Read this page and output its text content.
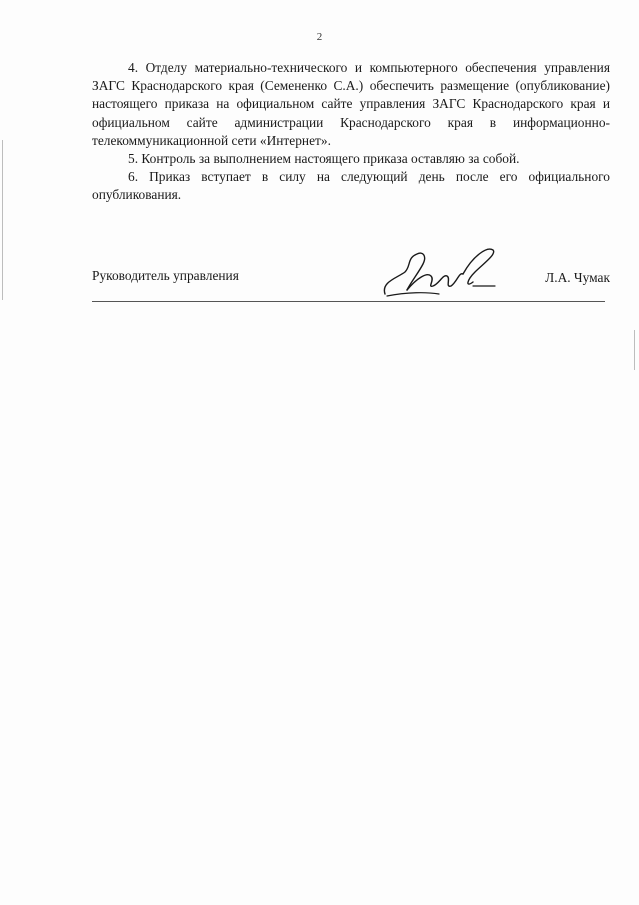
2

4. Отделу материально-технического и компьютерного обеспечения управления ЗАГС Краснодарского края (Семененко С.А.) обеспечить размещение (опубликование) настоящего приказа на официальном сайте управления ЗАГС Краснодарского края и официальном сайте администрации Краснодарского края в информационно-телекоммуникационной сети «Интернет».

5. Контроль за выполнением настоящего приказа оставляю за собой.

6. Приказ вступает в силу на следующий день после его официального опубликования.

Руководитель управления	Л.А. Чумак
